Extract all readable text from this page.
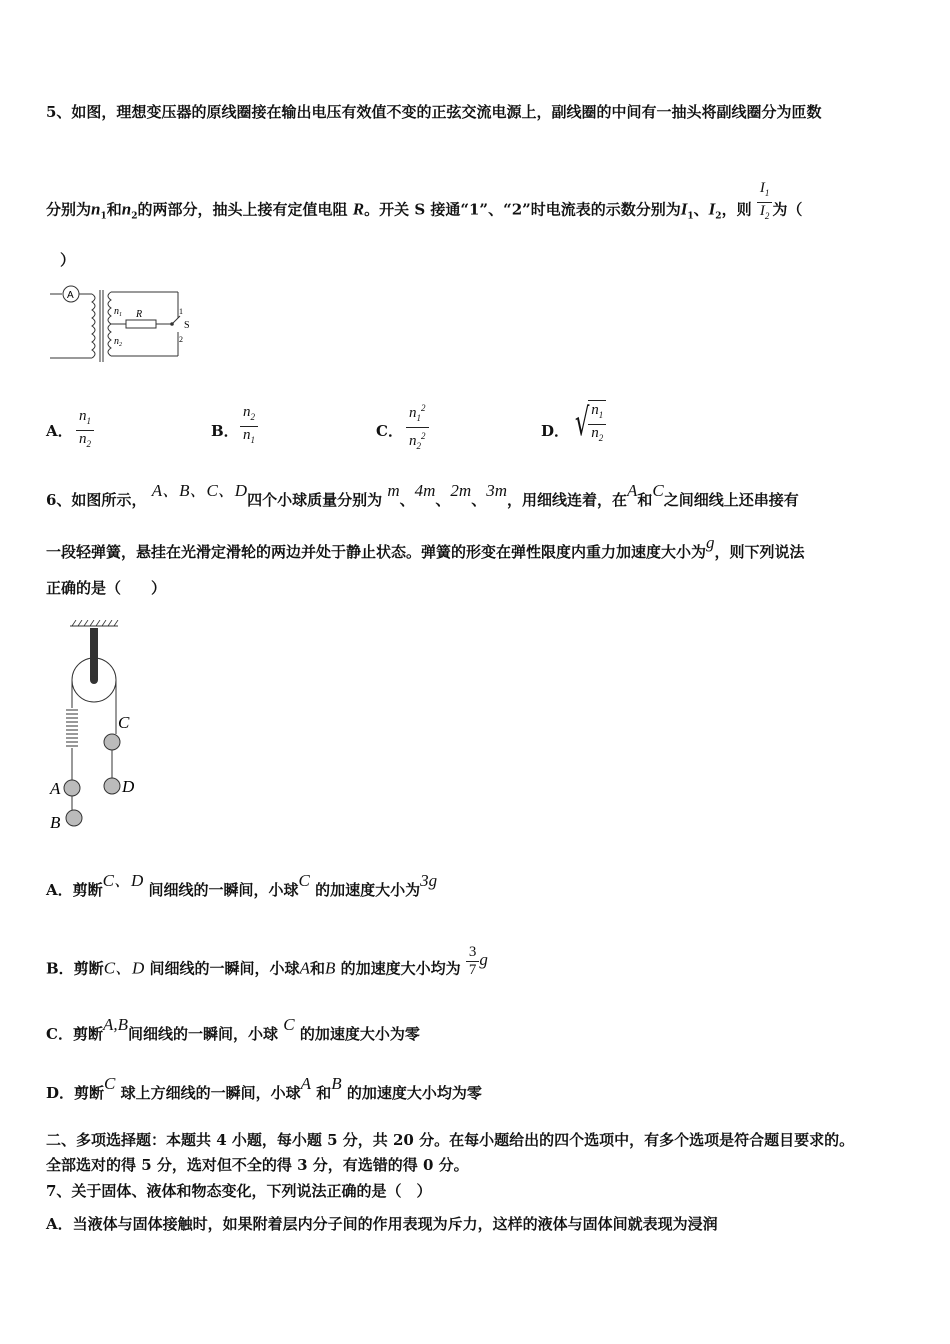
5、如图，理想变压器的原线圈接在输出电压有效值不变的正弦交流电源上，副线圈的中间有一抽头将副线圈分为匝数
分别为$n_1$和$n_2$的两部分，抽头上接有定值电阻 R。开关 S 接通“1”、“2”时电流表的示数分别为$I_1$、$I_2$，则 $\frac{I_1}{I_2}$ 为（
）
A
$n_1$
$n_2$
R
S
1
2
A． $\frac{n_1}{n_2}$	B． $\frac{n_2}{n_1}$	C． $\frac{n_1^2}{n_2^2}$	D． √
$\frac{n_1}{n_2}$
6、如图所示， A、B、C、D四个小球质量分别为 m、4m、2m、3m，用细线连着，在A和C之间细线上还串接有
一段轻弹簧，悬挂在光滑定滑轮的两边并处于静止状态。弹簧的形变在弹性限度内重力加速度大小为g，则下列说法
正确的是（　　）
C
A	D
B
A．剪断C、D 间细线的一瞬间，小球C 的加速度大小为3g
B．剪断C、D 间细线的一瞬间，小球A和B 的加速度大小均为 $\frac{3}{7}$ g
C．剪断A,B间细线的一瞬间，小球 C 的加速度大小为零
D．剪断C 球上方细线的一瞬间，小球A 和B 的加速度大小均为零
二、多项选择题：本题共 4 小题，每小题 5 分，共 20 分。在每小题给出的四个选项中，有多个选项是符合题目要求的。
全部选对的得 5 分，选对但不全的得 3 分，有选错的得 0 分。
7、关于固体、液体和物态变化，下列说法正确的是（　）
A．当液体与固体接触时，如果附着层内分子间的作用表现为斥力，这样的液体与固体间就表现为浸润
